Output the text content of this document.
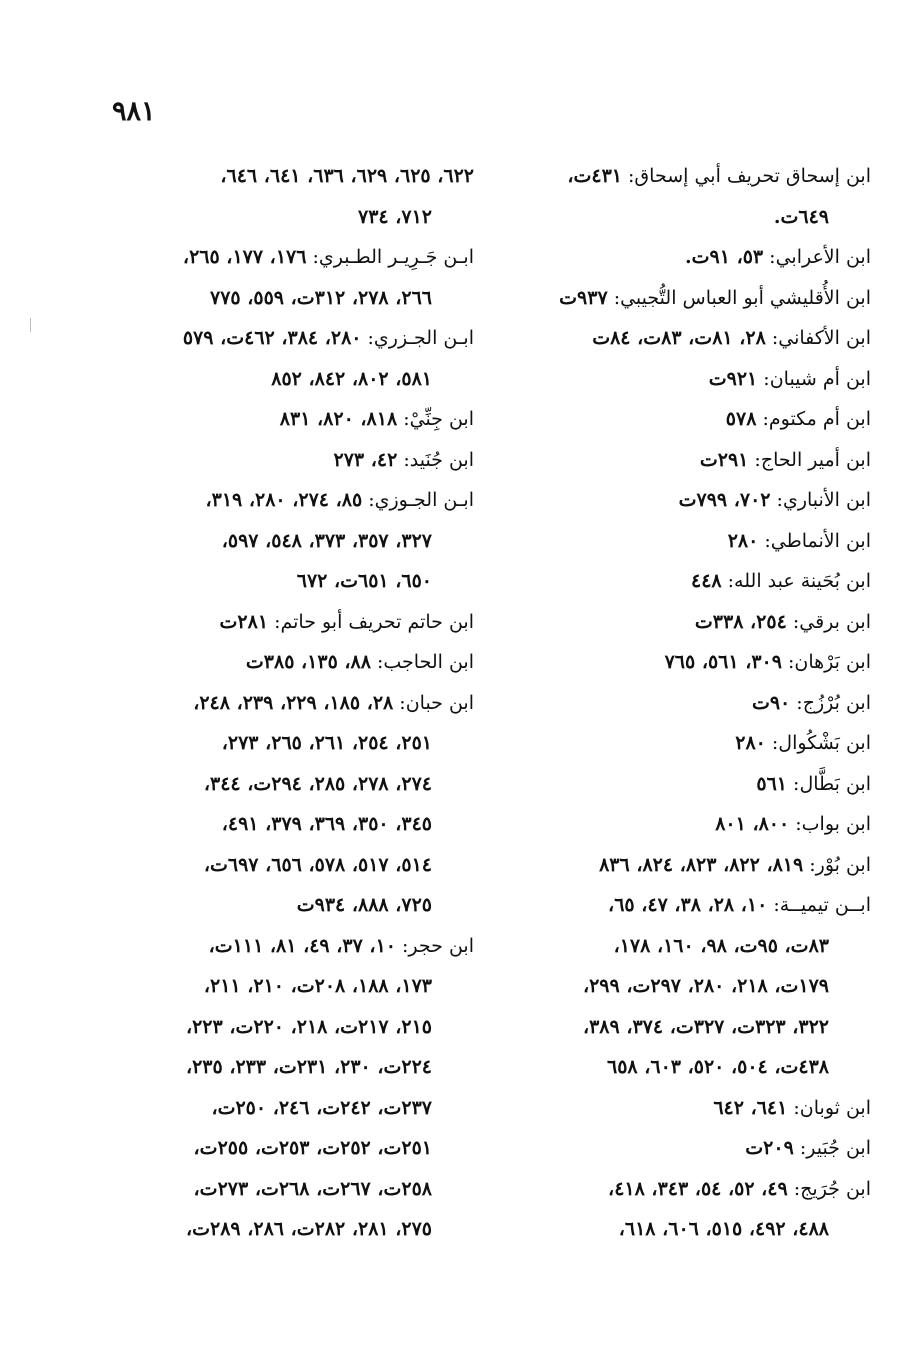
٩٨١
ابن إسحاق تحريف أبي إسحاق: ٤٣١ت،
٦٤٩ت.
ابن الأعرابي: ٥٣، ٩١ت.
ابن الأُقليشي أبو العباس التُّجيبي: ٩٣٧ت
ابن الأكفاني: ٢٨، ٨١ت، ٨٣ت، ٨٤ت
ابن أم شيبان: ٩٢١ت
ابن أم مكتوم: ٥٧٨
ابن أمير الحاج: ٢٩١ت
ابن الأنباري: ٧٠٢، ٧٩٩ت
ابن الأنماطي: ٢٨٠
ابن بُحَينة عبد الله: ٤٤٨
ابن برقي: ٢٥٤، ٣٣٨ت
ابن بَرْهان: ٣٠٩، ٥٦١، ٧٦٥
ابن بُرْزُج: ٩٠ت
ابن بَشْكُوال: ٢٨٠
ابن بَطَّال: ٥٦١
ابن بواب: ٨٠٠، ٨٠١
ابن بُوْر: ٨١٩، ٨٢٢، ٨٢٣، ٨٢٤، ٨٣٦
ابــن تيميــة: ١٠، ٢٨، ٣٨، ٤٧، ٦٥،
٨٣ت، ٩٥ت، ٩٨، ١٦٠، ١٧٨،
١٧٩ت، ٢١٨، ٢٨٠، ٢٩٧ت، ٢٩٩،
٣٢٢، ٣٢٣ت، ٣٢٧ت، ٣٧٤، ٣٨٩،
٤٣٨ت، ٥٠٤، ٥٢٠، ٦٠٣، ٦٥٨
ابن ثوبان: ٦٤١، ٦٤٢
ابن جُبَير: ٢٠٩ت
ابن جُرَيج: ٤٩، ٥٢، ٥٤، ٣٤٣، ٤١٨،
٤٨٨، ٤٩٢، ٥١٥، ٦٠٦، ٦١٨،
٦٢٢، ٦٢٥، ٦٢٩، ٦٣٦، ٦٤١، ٦٤٦،
٧١٢، ٧٣٤
ابـن جَـرِيـر الطـبري: ١٧٦، ١٧٧، ٢٦٥،
٢٦٦، ٢٧٨، ٣١٢ت، ٥٥٩، ٧٧٥
ابـن الجـزري: ٢٨٠، ٣٨٤، ٤٦٢ت، ٥٧٩
٥٨١، ٨٠٢، ٨٤٢، ٨٥٢
ابن جِنِّيْ: ٨١٨، ٨٢٠، ٨٣١
ابن جُنَيد: ٤٢، ٢٧٣
ابـن الجـوزي: ٨٥، ٢٧٤، ٢٨٠، ٣١٩،
٣٢٧، ٣٥٧، ٣٧٣، ٥٤٨، ٥٩٧،
٦٥٠، ٦٥١ت، ٦٧٢
ابن حاتم تحريف أبو حاتم: ٢٨١ت
ابن الحاجب: ٨٨، ١٣٥، ٣٨٥ت
ابن حبان: ٢٨، ١٨٥، ٢٢٩، ٢٣٩، ٢٤٨،
٢٥١، ٢٥٤، ٢٦١، ٢٦٥، ٢٧٣،
٢٧٤، ٢٧٨، ٢٨٥، ٢٩٤ت، ٣٤٤،
٣٤٥، ٣٥٠، ٣٦٩، ٣٧٩، ٤٩١،
٥١٤، ٥١٧، ٥٧٨، ٦٥٦، ٦٩٧ت،
٧٢٥، ٨٨٨، ٩٣٤ت
ابن حجر: ١٠، ٣٧، ٤٩، ٨١، ١١١ت،
١٧٣، ١٨٨، ٢٠٨ت، ٢١٠، ٢١١،
٢١٥، ٢١٧ت، ٢١٨، ٢٢٠ت، ٢٢٣،
٢٢٤ت، ٢٣٠، ٢٣١ت، ٢٣٣، ٢٣٥،
٢٣٧ت، ٢٤٢ت، ٢٤٦، ٢٥٠ت،
٢٥١ت، ٢٥٢ت، ٢٥٣ت، ٢٥٥ت،
٢٥٨ت، ٢٦٧ت، ٢٦٨ت، ٢٧٣ت،
٢٧٥، ٢٨١، ٢٨٢ت، ٢٨٦، ٢٨٩ت،
